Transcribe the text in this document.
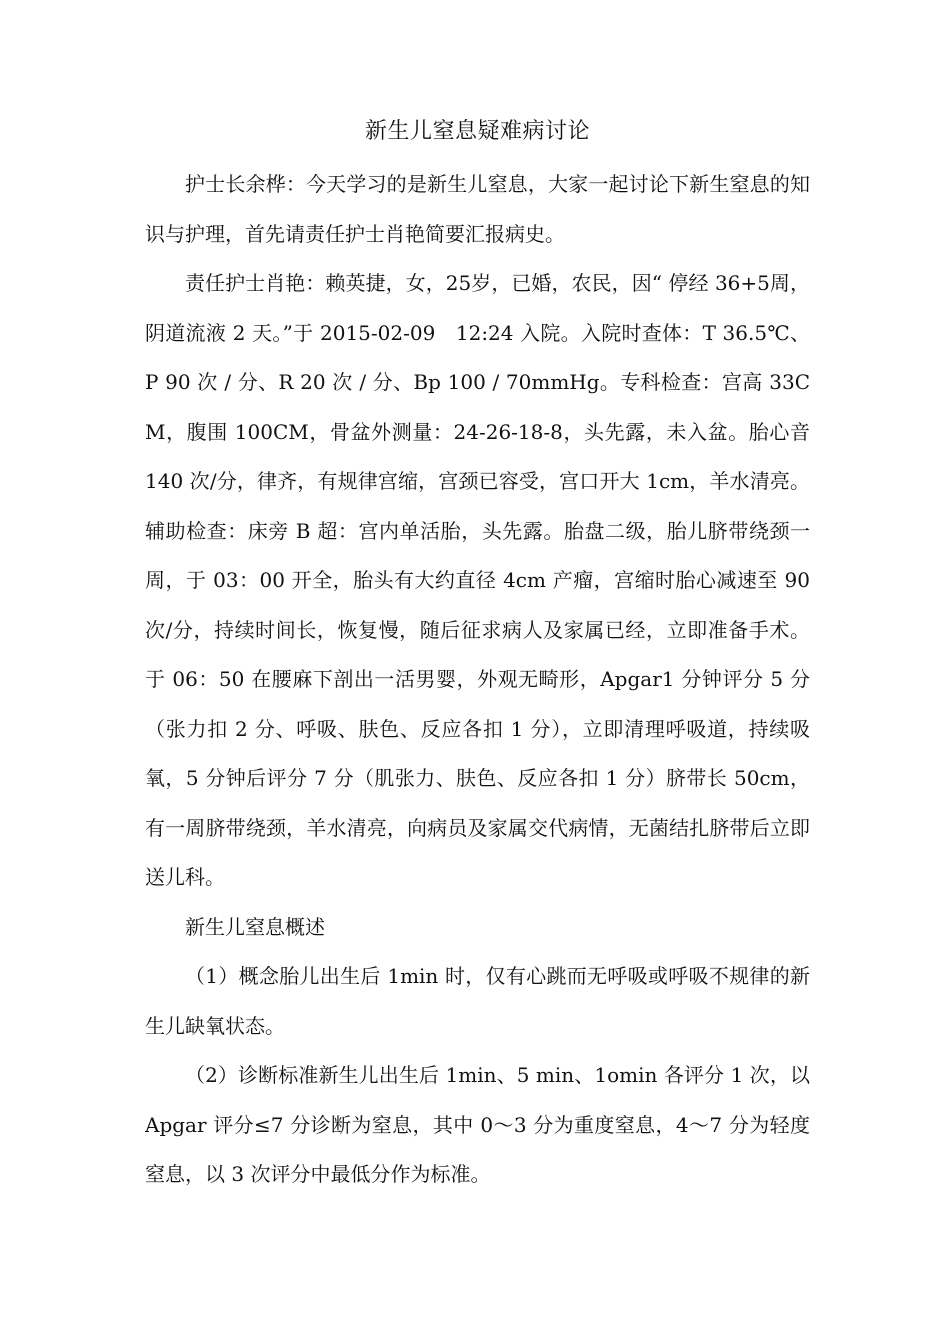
新生儿窒息疑难病讨论

护士长余桦：今天学习的是新生儿窒息，大家一起讨论下新生窒息的知识与护理，首先请责任护士肖艳简要汇报病史。

责任护士肖艳：赖英捷，女，25岁，已婚，农民，因“ 停经 36+5周，阴道流液 2 天。”于 2015-02-09　12:24 入院。入院时查体：T 36.5℃、P 90 次 / 分、R 20 次 / 分、Bp 100 / 70mmHg。专科检查：宫高 33CM，腹围 100CM，骨盆外测量：24-26-18-8，头先露，未入盆。胎心音 140 次/分，律齐，有规律宫缩，宫颈已容受，宫口开大 1cm，羊水清亮。 辅助检查：床旁 B 超：宫内单活胎，头先露。胎盘二级，胎儿脐带绕颈一周，于 03：00 开全，胎头有大约直径 4cm 产瘤，宫缩时胎心减速至 90 次/分，持续时间长，恢复慢，随后征求病人及家属已经，立即准备手术。于 06：50 在腰麻下剖出一活男婴，外观无畸形，Apgar1 分钟评分 5 分（张力扣 2 分、呼吸、肤色、反应各扣 1 分），立即清理呼吸道，持续吸氧，5 分钟后评分 7 分（肌张力、肤色、反应各扣 1 分）脐带长 50cm，有一周脐带绕颈，羊水清亮，向病员及家属交代病情，无菌结扎脐带后立即送儿科。

新生儿窒息概述

（1）概念胎儿出生后 1min 时，仅有心跳而无呼吸或呼吸不规律的新生儿缺氧状态。

（2）诊断标准新生儿出生后 1min、5 min、1omin 各评分 1 次，以 Apgar 评分≤7 分诊断为窒息，其中 0～3 分为重度窒息，4～7 分为轻度窒息，以 3 次评分中最低分作为标准。
